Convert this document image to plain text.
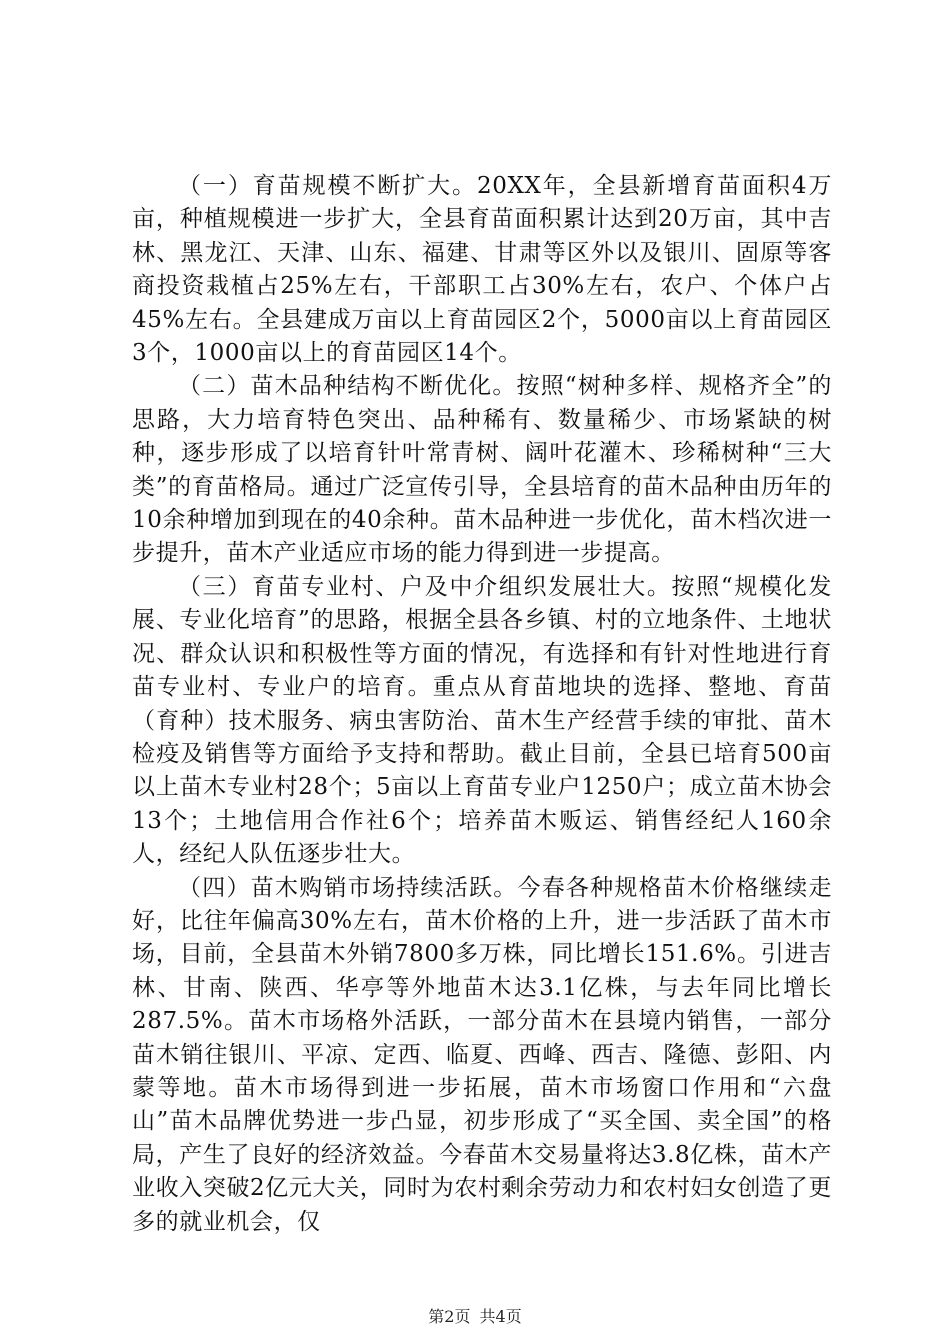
（一）育苗规模不断扩大。20XX年，全县新增育苗面积4万亩，种植规模进一步扩大，全县育苗面积累计达到20万亩，其中吉林、黑龙江、天津、山东、福建、甘肃等区外以及银川、固原等客商投资栽植占25%左右，干部职工占30%左右，农户、个体户占45%左右。全县建成万亩以上育苗园区2个，5000亩以上育苗园区3个，1000亩以上的育苗园区14个。

（二）苗木品种结构不断优化。按照“树种多样、规格齐全”的思路，大力培育特色突出、品种稀有、数量稀少、市场紧缺的树种，逐步形成了以培育针叶常青树、阔叶花灌木、珍稀树种“三大类”的育苗格局。通过广泛宣传引导，全县培育的苗木品种由历年的10余种增加到现在的40余种。苗木品种进一步优化，苗木档次进一步提升，苗木产业适应市场的能力得到进一步提高。

（三）育苗专业村、户及中介组织发展壮大。按照“规模化发展、专业化培育”的思路，根据全县各乡镇、村的立地条件、土地状况、群众认识和积极性等方面的情况，有选择和有针对性地进行育苗专业村、专业户的培育。重点从育苗地块的选择、整地、育苗（育种）技术服务、病虫害防治、苗木生产经营手续的审批、苗木检疫及销售等方面给予支持和帮助。截止目前，全县已培育500亩以上苗木专业村28个；5亩以上育苗专业户1250户；成立苗木协会13个；土地信用合作社6个；培养苗木贩运、销售经纪人160余人，经纪人队伍逐步壮大。

（四）苗木购销市场持续活跃。今春各种规格苗木价格继续走好，比往年偏高30%左右，苗木价格的上升，进一步活跃了苗木市场，目前，全县苗木外销7800多万株，同比增长151.6%。引进吉林、甘南、陕西、华亭等外地苗木达3.1亿株，与去年同比增长287.5%。苗木市场格外活跃，一部分苗木在县境内销售，一部分苗木销往银川、平凉、定西、临夏、西峰、西吉、隆德、彭阳、内蒙等地。苗木市场得到进一步拓展，苗木市场窗口作用和“六盘山”苗木品牌优势进一步凸显，初步形成了“买全国、卖全国”的格局，产生了良好的经济效益。今春苗木交易量将达3.8亿株，苗木产业收入突破2亿元大关，同时为农村剩余劳动力和农村妇女创造了更多的就业机会，仅

第2页 共4页
